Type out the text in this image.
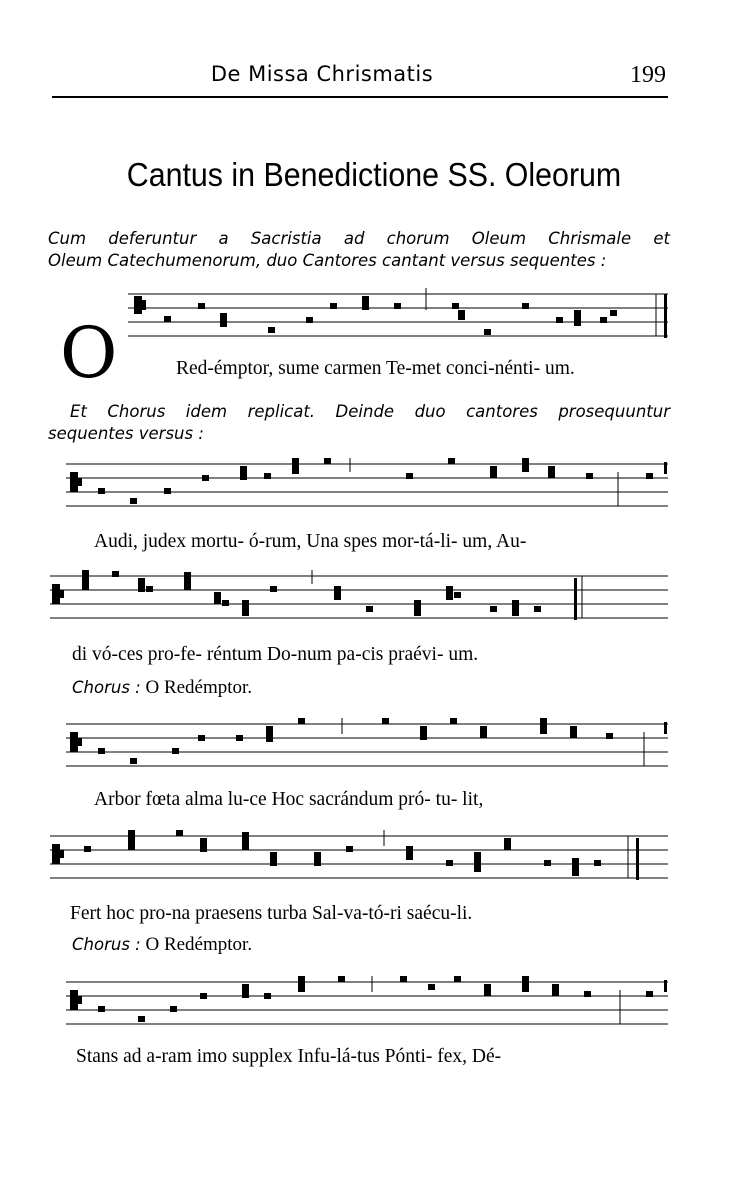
De Missa Chrismatis	199
Cantus in Benedictione SS. Oleorum
Cum deferuntur a Sacristia ad chorum Oleum Chrismale et
Oleum Catechumenorum, duo Cantores cantant versus sequentes :
O	Red-émptor, sume carmen Te-met conci-nénti- um.
Et Chorus idem replicat. Deinde duo cantores prosequuntur
sequentes versus :
Audi, judex mortu- ó-rum, Una spes mor-tá-li- um, Au-
di vó-ces pro-fe- réntum Do-num pa-cis praévi- um.
Chorus : O Redémptor.
Arbor fœta alma lu-ce Hoc sacrándum pró- tu- lit,
Fert hoc pro-na praesens turba Sal-va-tó-ri saécu-li.
Chorus : O Redémptor.
Stans ad a-ram imo supplex Infu-lá-tus Pónti- fex, Dé-
